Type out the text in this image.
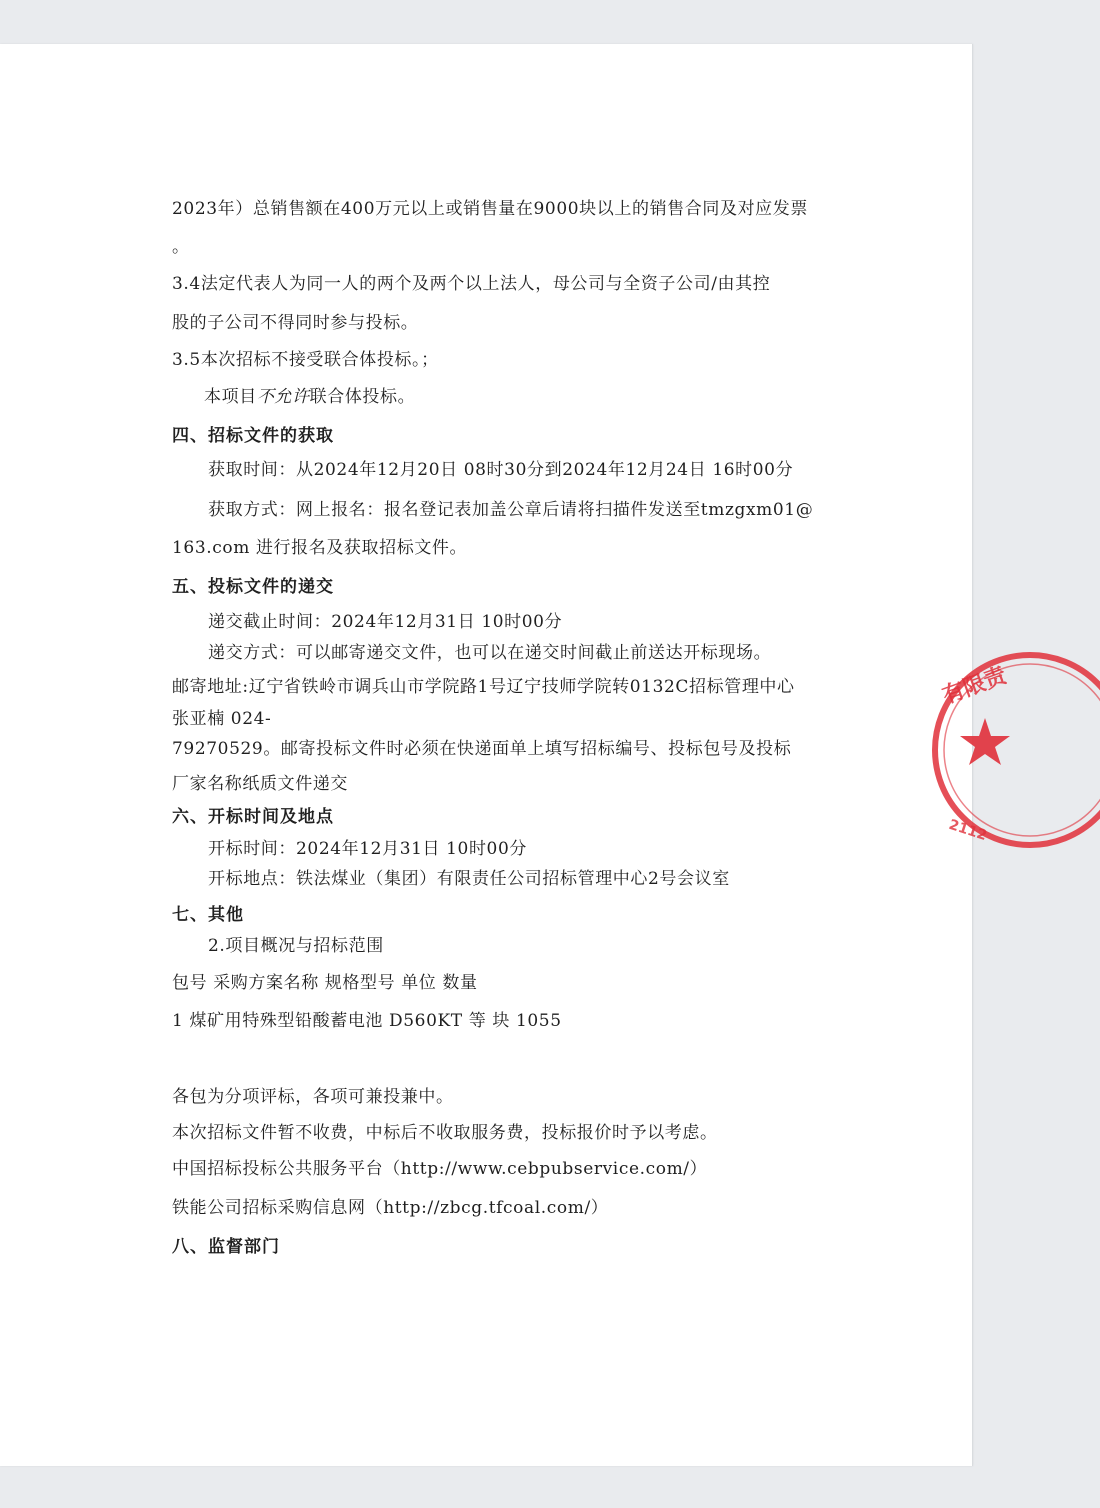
2023年）总销售额在400万元以上或销售量在9000块以上的销售合同及对应发票
。
3.4法定代表人为同一人的两个及两个以上法人，母公司与全资子公司/由其控
股的子公司不得同时参与投标。
3.5本次招标不接受联合体投标。；
本项目不允许联合体投标。
四、招标文件的获取
获取时间：从2024年12月20日 08时30分到2024年12月24日 16时00分
获取方式：网上报名：报名登记表加盖公章后请将扫描件发送至tmzgxm01@
163.com 进行报名及获取招标文件。
五、投标文件的递交
递交截止时间：2024年12月31日 10时00分
递交方式：可以邮寄递交文件，也可以在递交时间截止前送达开标现场。
邮寄地址:辽宁省铁岭市调兵山市学院路1号辽宁技师学院转0132C招标管理中心
张亚楠 024-
79270529。邮寄投标文件时必须在快递面单上填写招标编号、投标包号及投标
厂家名称纸质文件递交
六、开标时间及地点
开标时间：2024年12月31日 10时00分
开标地点：铁法煤业（集团）有限责任公司招标管理中心2号会议室
七、其他
2.项目概况与招标范围
包号 采购方案名称 规格型号 单位 数量
1 煤矿用特殊型铅酸蓄电池 D560KT 等 块 1055
各包为分项评标，各项可兼投兼中。
本次招标文件暂不收费，中标后不收取服务费，投标报价时予以考虑。
中国招标投标公共服务平台（http://www.cebpubservice.com/）
铁能公司招标采购信息网（http://zbcg.tfcoal.com/）
八、监督部门
有限责
2112
